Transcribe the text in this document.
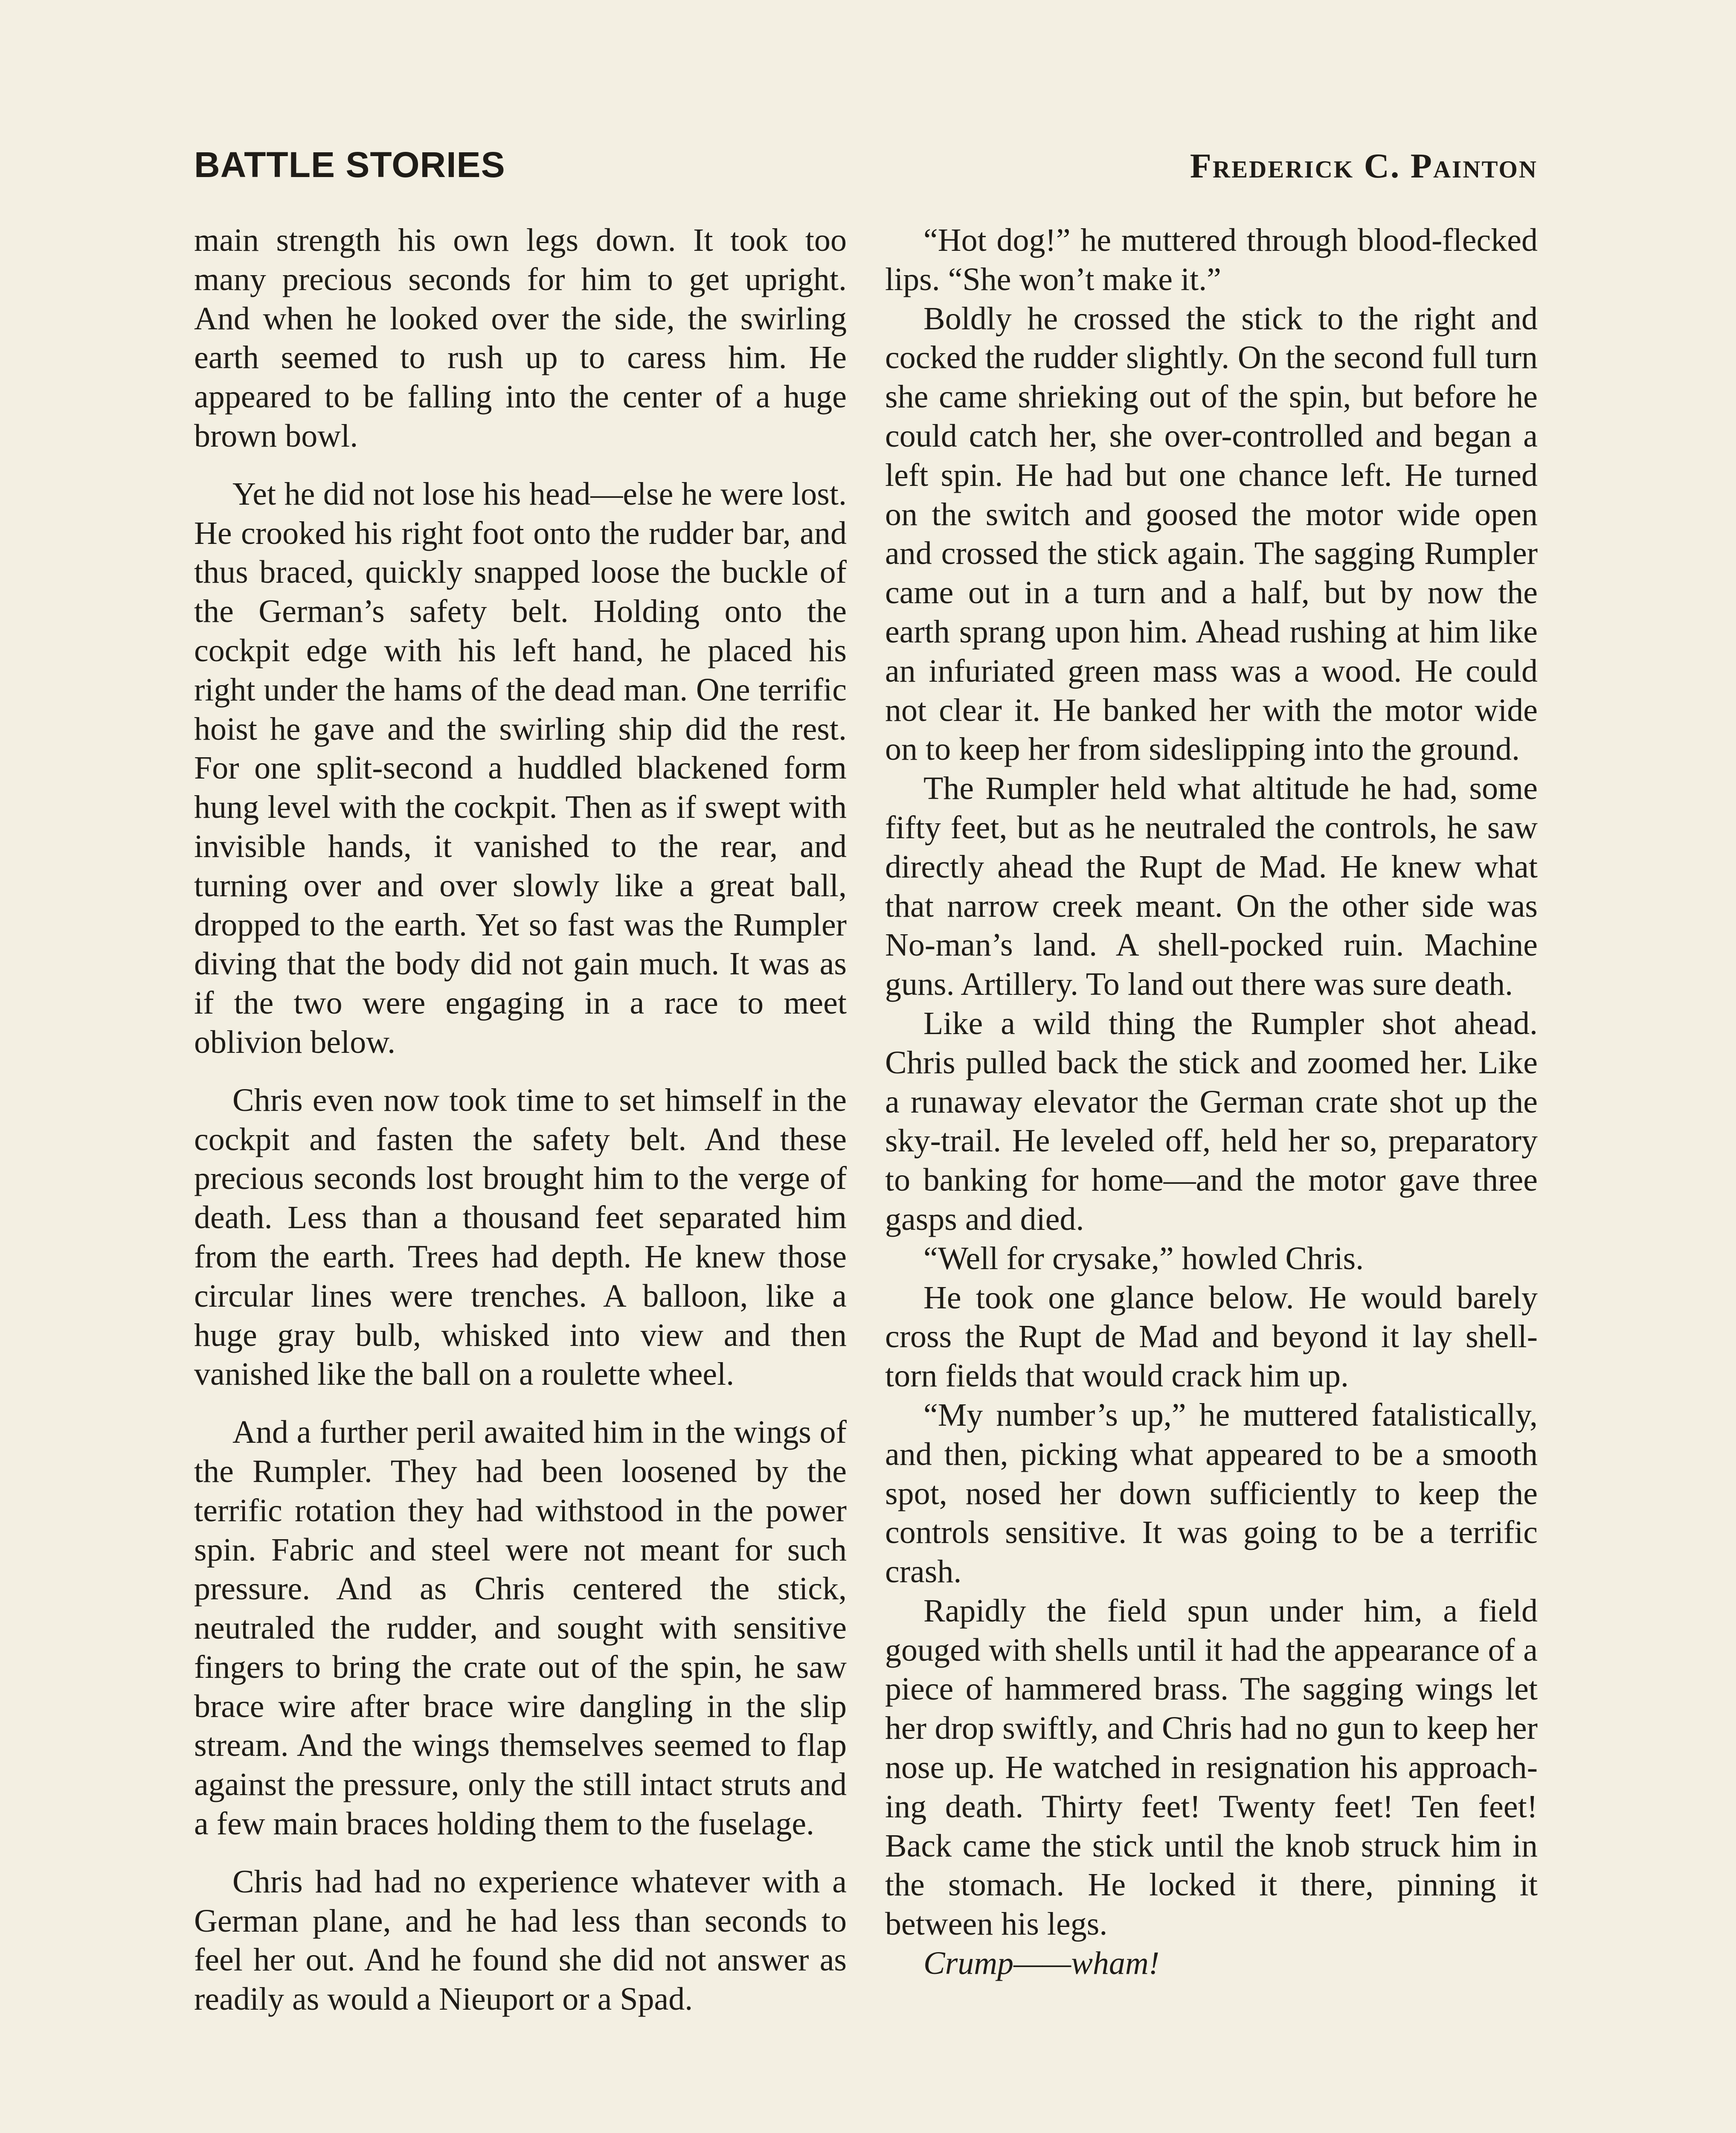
BATTLE STORIES	Frederick C. Painton

main strength his own legs down. It took too many precious seconds for him to get upright. And when he looked over the side, the swirling earth seemed to rush up to caress him. He appeared to be falling into the center of a huge brown bowl.

Yet he did not lose his head—else he were lost. He crooked his right foot onto the rudder bar, and thus braced, quickly snapped loose the buckle of the German’s safety belt. Holding onto the cockpit edge with his left hand, he placed his right under the hams of the dead man. One terrific hoist he gave and the swirling ship did the rest. For one split-second a huddled blackened form hung level with the cockpit. Then as if swept with invisible hands, it vanished to the rear, and turning over and over slowly like a great ball, dropped to the earth. Yet so fast was the Rumpler diving that the body did not gain much. It was as if the two were engaging in a race to meet oblivion below.

Chris even now took time to set himself in the cockpit and fasten the safety belt. And these precious seconds lost brought him to the verge of death. Less than a thousand feet separated him from the earth. Trees had depth. He knew those circular lines were trenches. A balloon, like a huge gray bulb, whisked into view and then vanished like the ball on a roulette wheel.

And a further peril awaited him in the wings of the Rumpler. They had been loosened by the terrific rotation they had withstood in the power spin. Fabric and steel were not meant for such pressure. And as Chris centered the stick, neutraled the rudder, and sought with sensitive fingers to bring the crate out of the spin, he saw brace wire after brace wire dangling in the slip stream. And the wings themselves seemed to flap against the pressure, only the still intact struts and a few main braces holding them to the fuselage.

Chris had had no experience whatever with a German plane, and he had less than seconds to feel her out. And he found she did not answer as readily as would a Nieuport or a Spad.

“Hot dog!” he muttered through blood-flecked lips. “She won’t make it.”

Boldly he crossed the stick to the right and cocked the rudder slightly. On the second full turn she came shrieking out of the spin, but before he could catch her, she over-controlled and began a left spin. He had but one chance left. He turned on the switch and goosed the motor wide open and crossed the stick again. The sagging Rumpler came out in a turn and a half, but by now the earth sprang upon him. Ahead rushing at him like an infuriated green mass was a wood. He could not clear it. He banked her with the motor wide on to keep her from sideslipping into the ground.

The Rumpler held what altitude he had, some fifty feet, but as he neutraled the controls, he saw directly ahead the Rupt de Mad. He knew what that narrow creek meant. On the other side was No-man’s land. A shell-pocked ruin. Machine guns. Artillery. To land out there was sure death.

Like a wild thing the Rumpler shot ahead. Chris pulled back the stick and zoomed her. Like a runaway elevator the German crate shot up the sky-trail. He leveled off, held her so, preparatory to banking for home—and the motor gave three gasps and died.

“Well for crysake,” howled Chris.

He took one glance below. He would barely cross the Rupt de Mad and beyond it lay shell-torn fields that would crack him up.

“My number’s up,” he muttered fatalistically, and then, picking what appeared to be a smooth spot, nosed her down sufficiently to keep the controls sensitive. It was going to be a terrific crash.

Rapidly the field spun under him, a field gouged with shells until it had the appearance of a piece of hammered brass. The sagging wings let her drop swiftly, and Chris had no gun to keep her nose up. He watched in resignation his approaching death. Thirty feet! Twenty feet! Ten feet! Back came the stick until the knob struck him in the stomach. He locked it there, pinning it between his legs.

Crump——wham!
